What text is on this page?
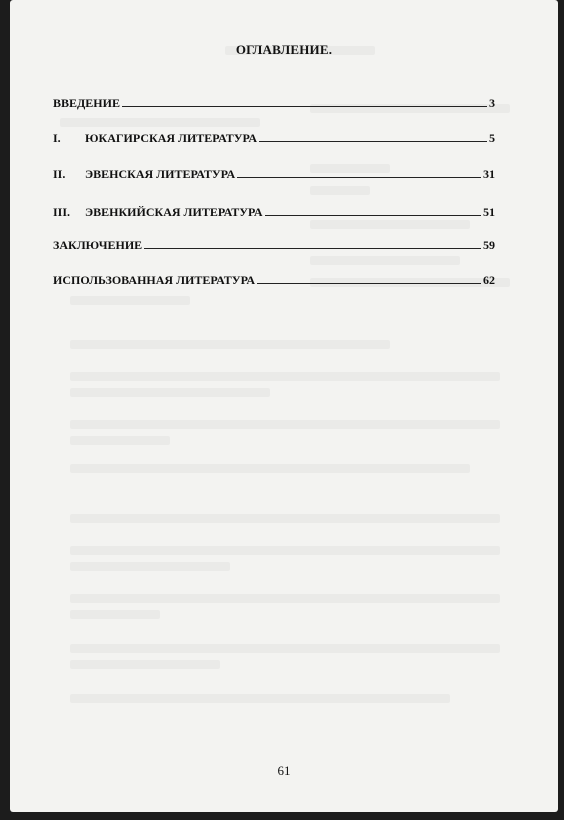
ОГЛАВЛЕНИЕ.
ВВЕДЕНИЕ	3
I.	ЮКАГИРСКАЯ ЛИТЕРАТУРА	5
II.	ЭВЕНСКАЯ ЛИТЕРАТУРА	31
III.	ЭВЕНКИЙСКАЯ ЛИТЕРАТУРА	51
ЗАКЛЮЧЕНИЕ	59
ИСПОЛЬЗОВАННАЯ ЛИТЕРАТУРА	62
61
